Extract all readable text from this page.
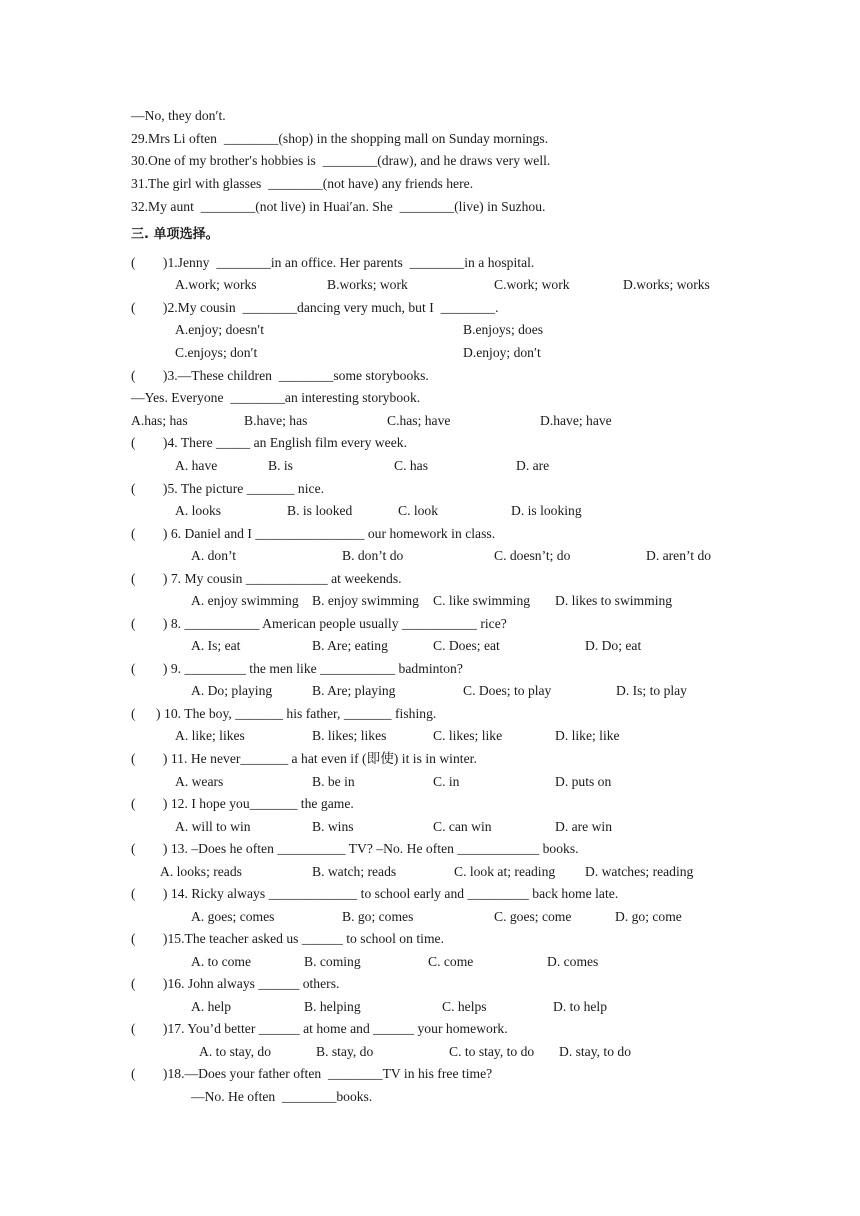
—No, they don′t.
29.Mrs Li often  ________(shop) in the shopping mall on Sunday mornings.
30.One of my brother′s hobbies is  ________(draw), and he draws very well.
31.The girl with glasses  ________(not have) any friends here.
32.My aunt  ________(not live) in Huai′an. She  ________(live) in Suzhou.
三. 单项选择。
(        )1.Jenny  ________in an office. Her parents  ________in a hospital.
A.work; works	B.works; work	C.work; work	D.works; works
(        )2.My cousin  ________dancing very much, but I  ________.
A.enjoy; doesn′t	B.enjoys; does
C.enjoys; don′t	D.enjoy; don′t
(        )3.—These children  ________some storybooks.
—Yes. Everyone  ________an interesting storybook.
A.has; has	B.have; has	C.has; have	D.have; have
(        )4. There _____ an English film every week.
A. have	B. is	C. has	D. are
(        )5. The picture _______ nice.
A. looks	B. is looked	C. look	D. is looking
(        ) 6. Daniel and I ________________ our homework in class.
A. don’t	B. don’t do	C. doesn’t; do	D. aren’t do
(        ) 7. My cousin ____________ at weekends.
A. enjoy swimming B. enjoy swimming C. like swimming D. likes to swimming
(        ) 8. ___________ American people usually ___________ rice?
A. Is; eat	B. Are; eating	C. Does; eat	D. Do; eat
(        ) 9. _________ the men like ___________ badminton?
A. Do; playing	B. Are; playing	C. Does; to play	D. Is; to play
(      ) 10. The boy, _______ his father, _______ fishing.
A. like; likes	B. likes; likes	C. likes; like	D. like; like
(        ) 11. He never_______ a hat even if (即使) it is in winter.
A. wears	B. be in	C. in	D. puts on
(        ) 12. I hope you_______ the game.
A. will to win	B. wins	C. can win	D. are win
(        ) 13. –Does he often __________ TV? –No. He often ____________ books.
A. looks; reads	B. watch; reads	C. look at; reading D. watches; reading
(        ) 14. Ricky always _____________ to school early and _________ back home late.
A. goes; comes	B. go; comes	C. goes; come	D. go; come
(        )15.The teacher asked us ______ to school on time.
A. to come	B. coming	C. come	D. comes
(        )16. John always ______ others.
A. help	B. helping	C. helps	D. to help
(        )17. You’d better ______ at home and ______ your homework.
A. to stay, do	B. stay, do	C. to stay, to do D. stay, to do
(        )18.—Does your father often  ________TV in his free time?
—No. He often  ________books.
